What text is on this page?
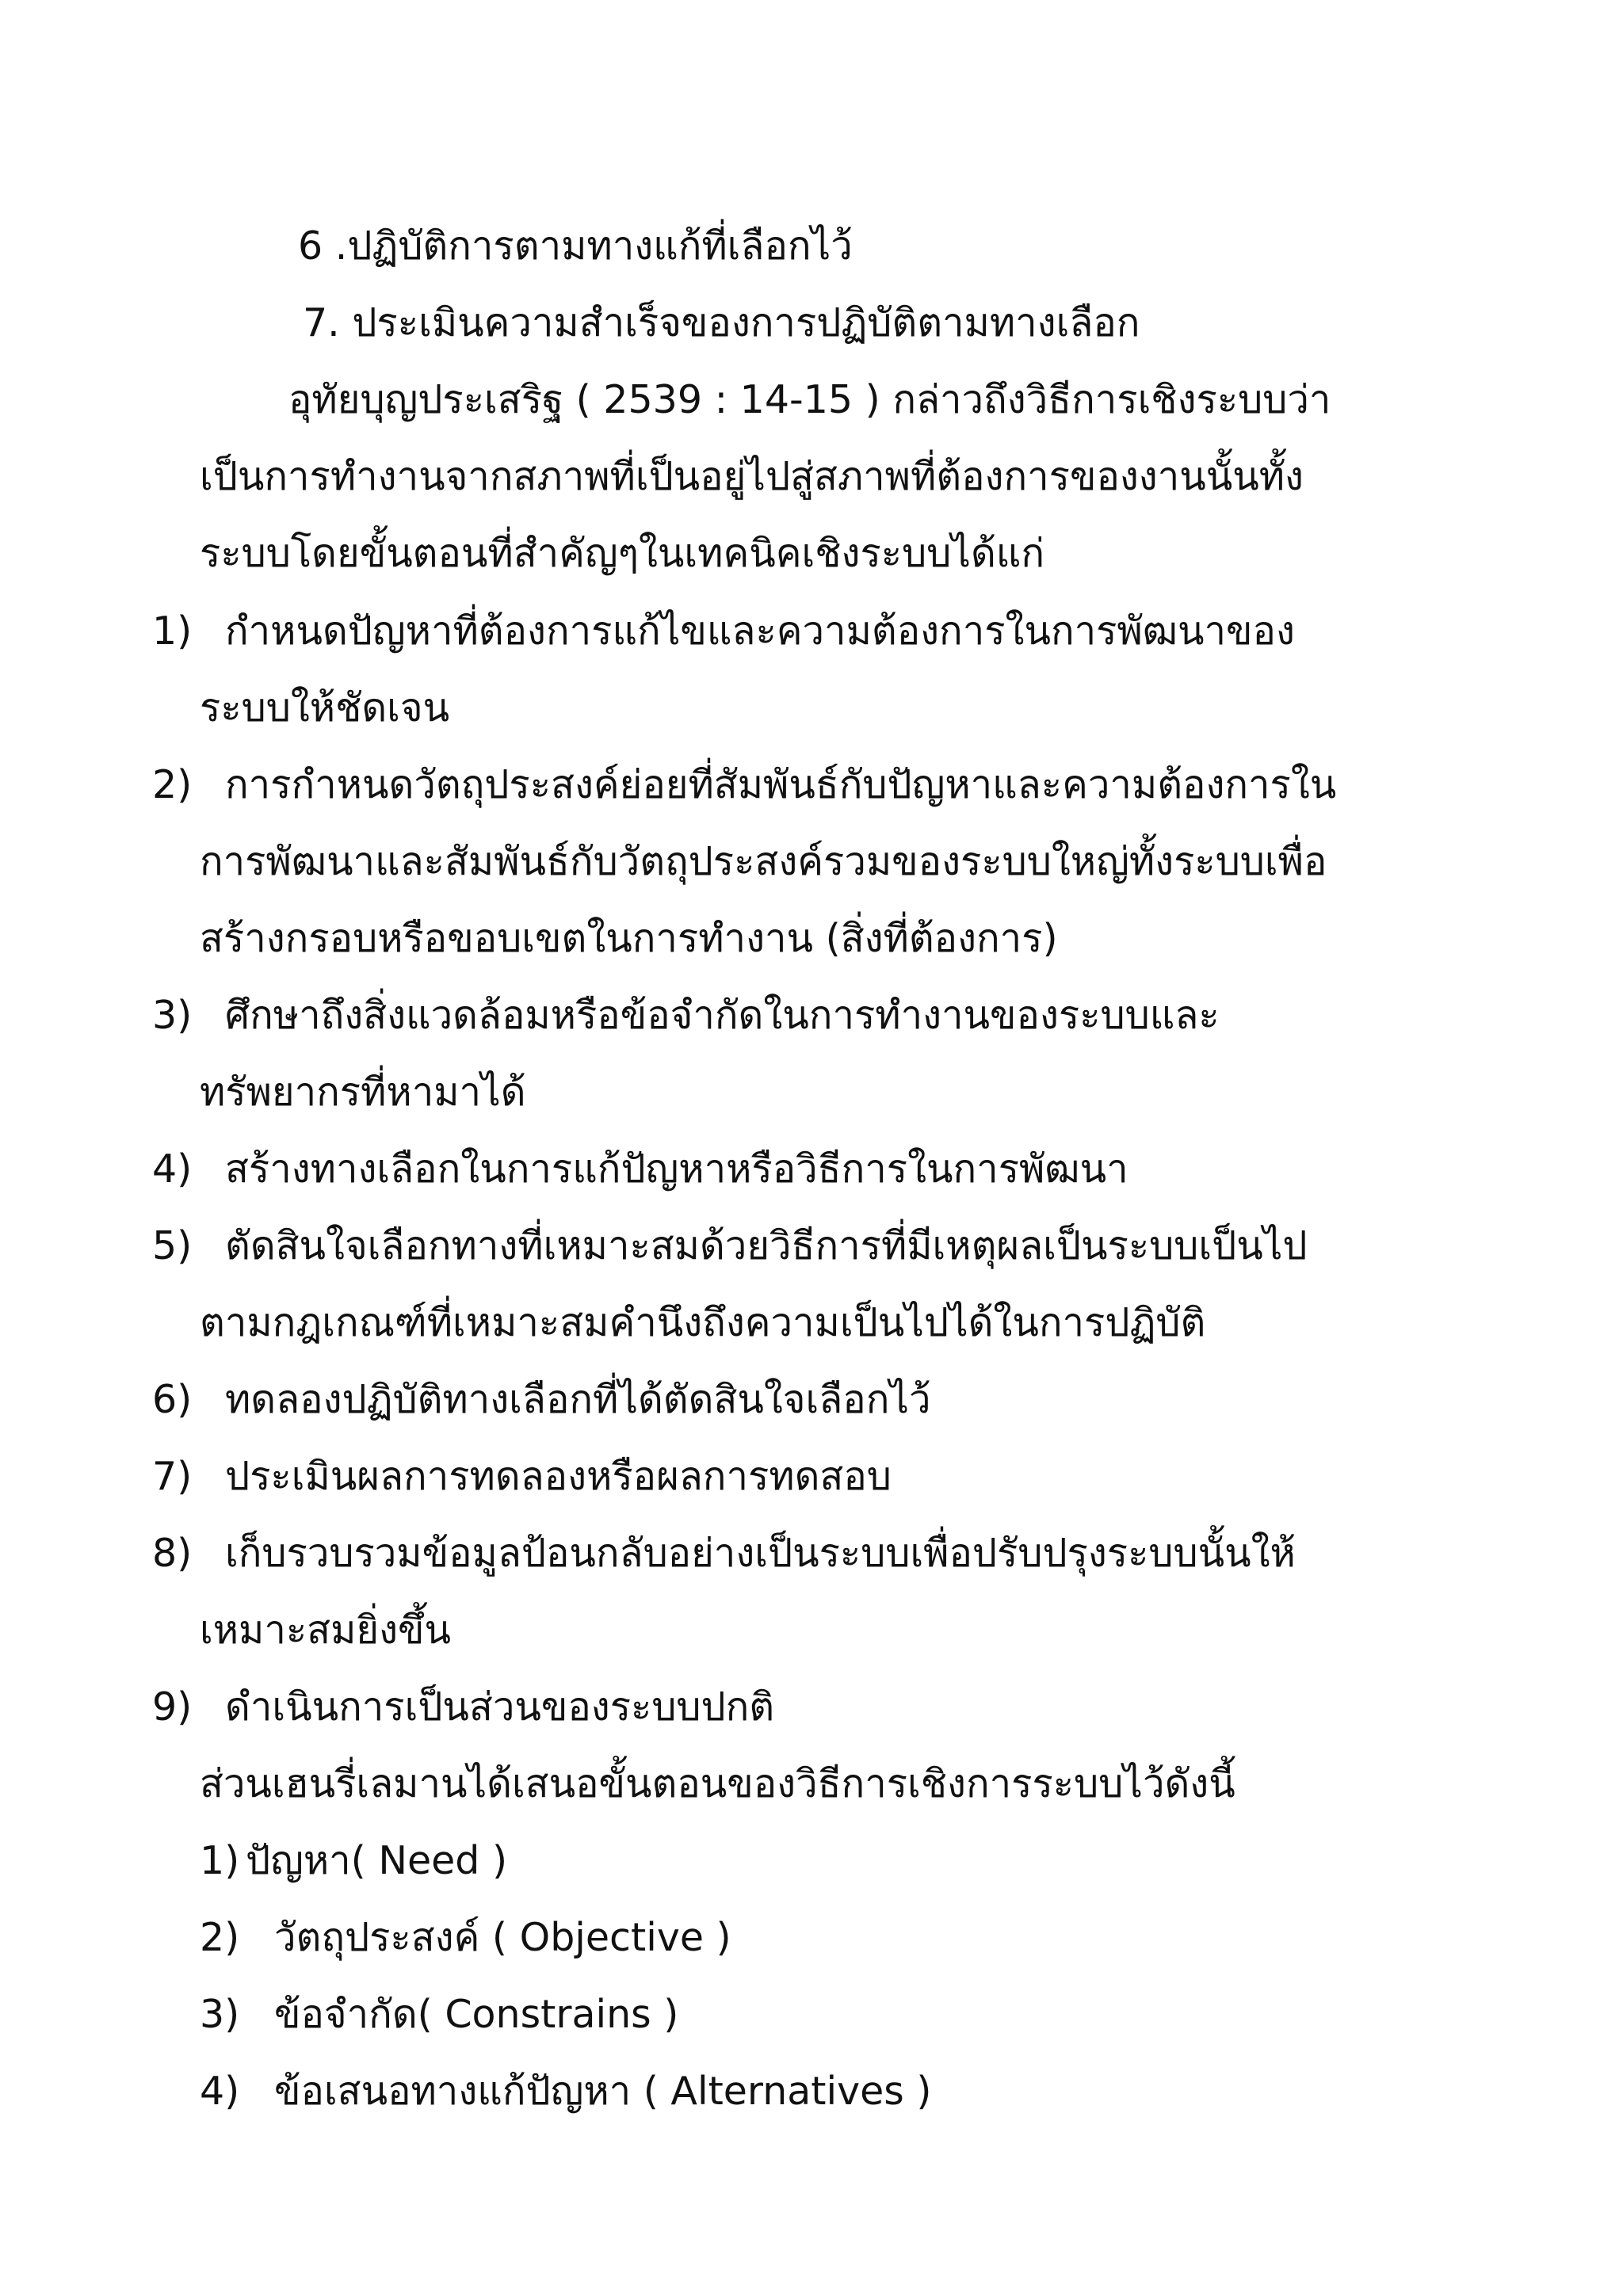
6 .ปฏิบัติการตามทางแก้ที่เลือกไว้
7. ประเมินความสำเร็จของการปฏิบัติตามทางเลือก
อุทัยบุญประเสริฐ ( 2539 : 14-15 ) กล่าวถึงวิธีการเชิงระบบว่า
เป็นการทำงานจากสภาพที่เป็นอยู่ไปสู่สภาพที่ต้องการของงานนั้นทั้ง
ระบบโดยขั้นตอนที่สำคัญๆในเทคนิคเชิงระบบได้แก่
1) กำหนดปัญหาที่ต้องการแก้ไขและความต้องการในการพัฒนาของ
ระบบให้ชัดเจน
2) การกำหนดวัตถุประสงค์ย่อยที่สัมพันธ์กับปัญหาและความต้องการใน
การพัฒนาและสัมพันธ์กับวัตถุประสงค์รวมของระบบใหญ่ทั้งระบบเพื่อ
สร้างกรอบหรือขอบเขตในการทำงาน (สิ่งที่ต้องการ)
3) ศึกษาถึงสิ่งแวดล้อมหรือข้อจำกัดในการทำงานของระบบและ
ทรัพยากรที่หามาได้
4) สร้างทางเลือกในการแก้ปัญหาหรือวิธีการในการพัฒนา
5) ตัดสินใจเลือกทางที่เหมาะสมด้วยวิธีการที่มีเหตุผลเป็นระบบเป็นไป
ตามกฎเกณฑ์ที่เหมาะสมคำนึงถึงความเป็นไปได้ในการปฏิบัติ
6) ทดลองปฏิบัติทางเลือกที่ได้ตัดสินใจเลือกไว้
7) ประเมินผลการทดลองหรือผลการทดสอบ
8) เก็บรวบรวมข้อมูลป้อนกลับอย่างเป็นระบบเพื่อปรับปรุงระบบนั้นให้
เหมาะสมยิ่งขึ้น
9) ดำเนินการเป็นส่วนของระบบปกติ
ส่วนเฮนรี่เลมานได้เสนอขั้นตอนของวิธีการเชิงการระบบไว้ดังนี้
1) ปัญหา( Need )
2) วัตถุประสงค์ ( Objective )
3) ข้อจำกัด( Constrains )
4) ข้อเสนอทางแก้ปัญหา ( Alternatives )
